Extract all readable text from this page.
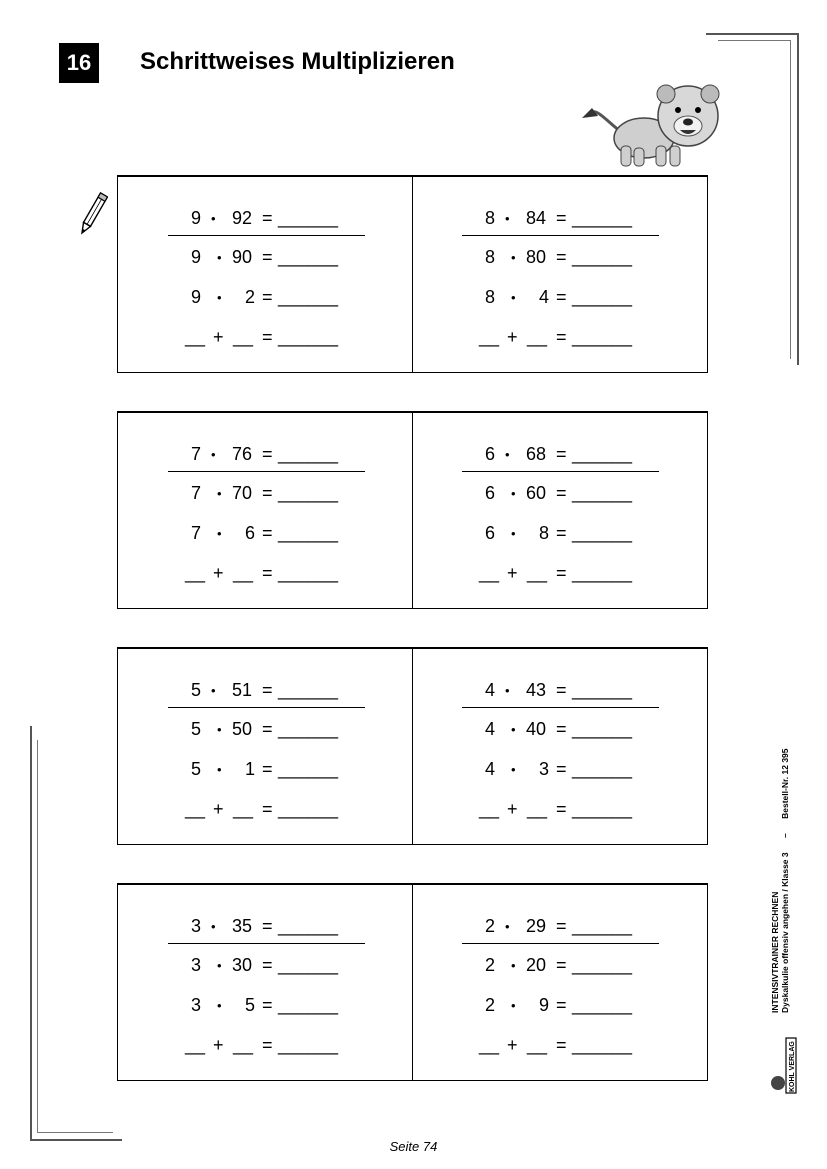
16	Schrittweises Multiplizieren
9 • 92 = ______
9 • 90 = ______
9 • 2 = ______
__ + __ = ______
8 • 84 = ______
8 • 80 = ______
8 • 4 = ______
__ + __ = ______
7 • 76 = ______
7 • 70 = ______
7 • 6 = ______
__ + __ = ______
6 • 68 = ______
6 • 60 = ______
6 • 8 = ______
__ + __ = ______
5 • 51 = ______
5 • 50 = ______
5 • 1 = ______
__ + __ = ______
4 • 43 = ______
4 • 40 = ______
4 • 3 = ______
__ + __ = ______
3 • 35 = ______
3 • 30 = ______
3 • 5 = ______
__ + __ = ______
2 • 29 = ______
2 • 20 = ______
2 • 9 = ______
__ + __ = ______
INTENSIVTRAINER RECHNEN Dyskalkulie offensiv angehen / Klasse 3 – Bestell-Nr. 12 395
KOHL VERLAG
Seite 74
